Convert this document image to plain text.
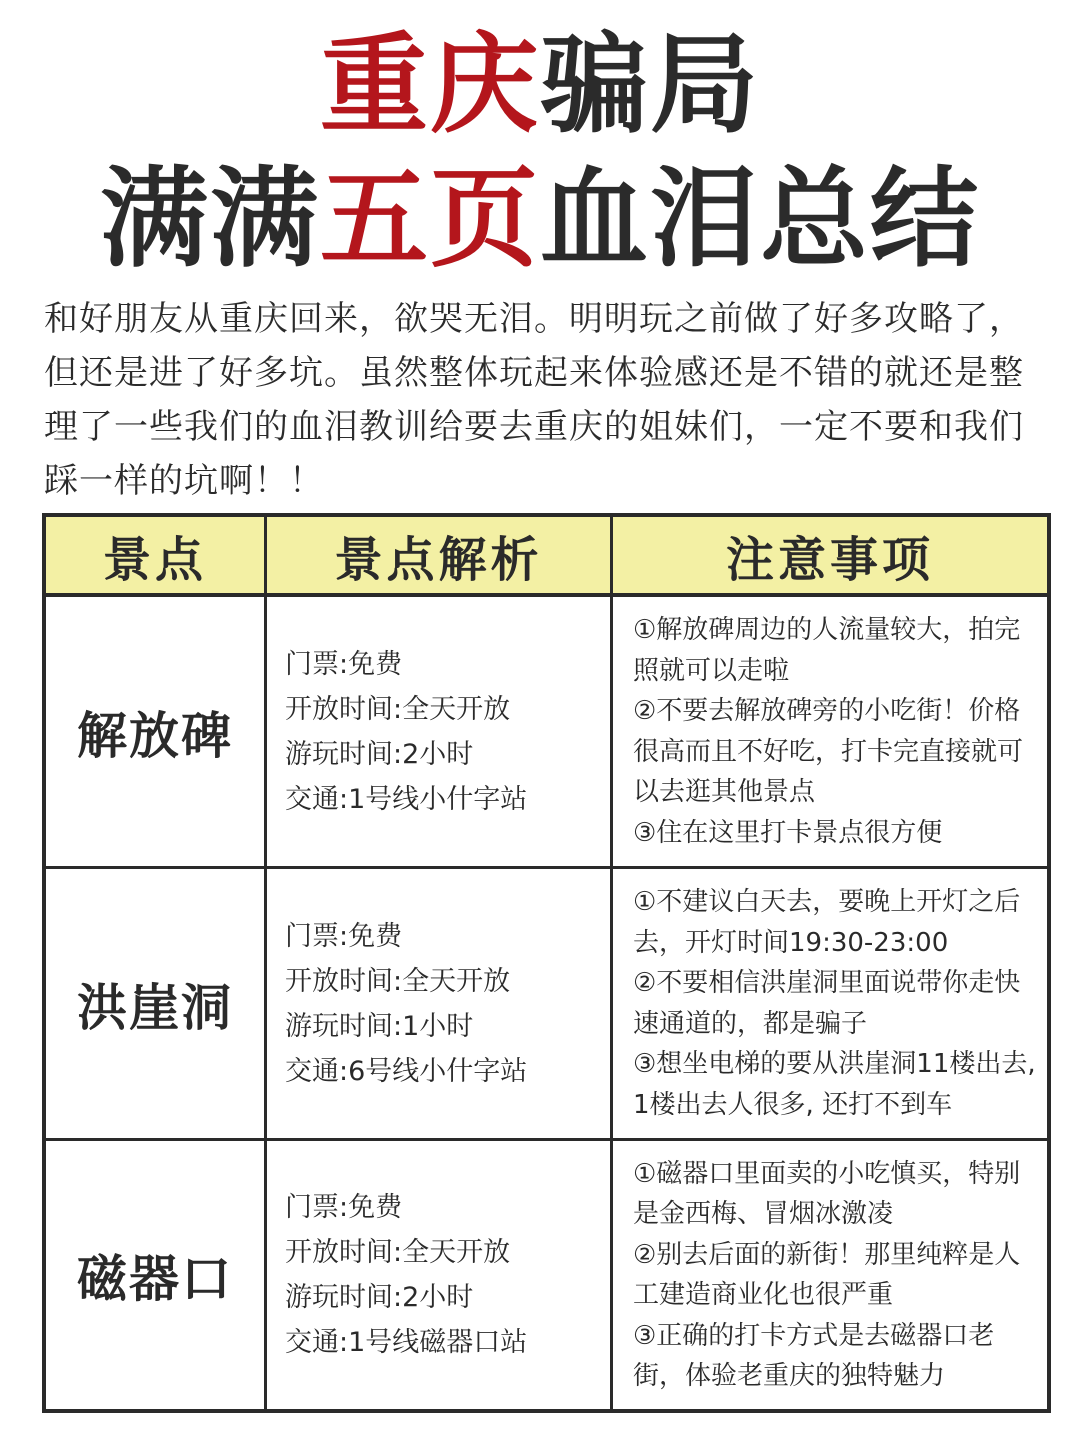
重庆骗局
满满五页血泪总结
和好朋友从重庆回来，欲哭无泪。明明玩之前做了好多攻略了，但还是进了好多坑。虽然整体玩起来体验感还是不错的就还是整理了一些我们的血泪教训给要去重庆的姐妹们，一定不要和我们踩一样的坑啊！！
景点	景点解析	注意事项
解放碑
门票:免费
开放时间:全天开放
游玩时间:2小时
交通:1号线小什字站

①解放碑周边的人流量较大，拍完照就可以走啦

②不要去解放碑旁的小吃街！价格很高而且不好吃，打卡完直接就可以去逛其他景点

③住在这里打卡景点很方便

洪崖洞
门票:免费
开放时间:全天开放
游玩时间:1小时
交通:6号线小什字站

①不建议白天去，要晚上开灯之后去，开灯时间19:30-23:00

②不要相信洪崖洞里面说带你走快速通道的，都是骗子

③想坐电梯的要从洪崖洞11楼出去, 1楼出去人很多, 还打不到车

磁器口
门票:免费
开放时间:全天开放
游玩时间:2小时
交通:1号线磁器口站

①磁器口里面卖的小吃慎买，特别是金西梅、冒烟冰激凌

②别去后面的新街！那里纯粹是人工建造商业化也很严重

③正确的打卡方式是去磁器口老街，体验老重庆的独特魅力
